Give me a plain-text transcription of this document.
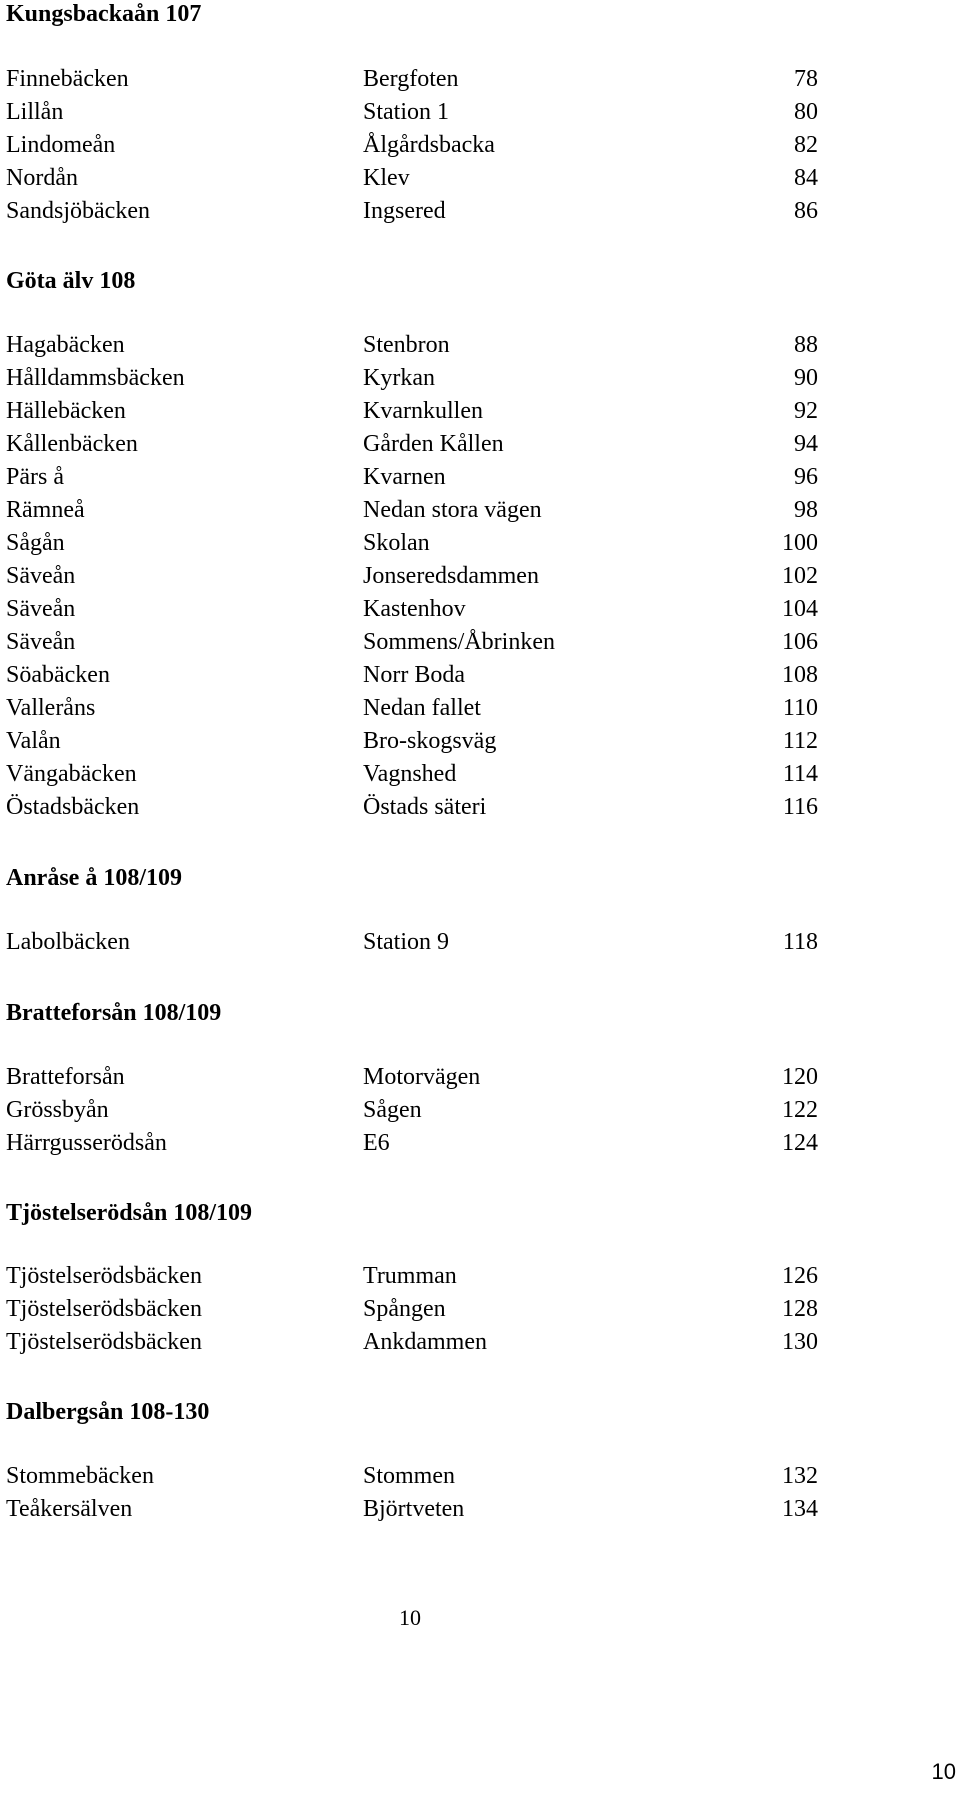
Kungsbackaån 107
Finnebäcken	Bergfoten	78
Lillån	Station 1	80
Lindomeån	Ålgårdsbacka	82
Nordån	Klev	84
Sandsjöbäcken	Ingsered	86
Göta älv 108
Hagabäcken	Stenbron	88
Hålldammsbäcken	Kyrkan	90
Hällebäcken	Kvarnkullen	92
Kållenbäcken	Gården Kållen	94
Pärs å	Kvarnen	96
Rämneå	Nedan stora vägen	98
Sågån	Skolan	100
Säveån	Jonseredsdammen	102
Säveån	Kastenhov	104
Säveån	Sommens/Åbrinken	106
Söabäcken	Norr Boda	108
Valleråns	Nedan fallet	110
Valån	Bro-skogsväg	112
Vängabäcken	Vagnshed	114
Östadsbäcken	Östads säteri	116
Anråse å 108/109
Labolbäcken	Station 9	118
Bratteforsån 108/109
Bratteforsån	Motorvägen	120
Grössbyån	Sågen	122
Härrgusserödsån	E6	124
Tjöstelserödsån 108/109
Tjöstelserödsbäcken	Trumman	126
Tjöstelserödsbäcken	Spången	128
Tjöstelserödsbäcken	Ankdammen	130
Dalbergsån 108-130
Stommebäcken	Stommen	132
Teåkersälven	Björtveten	134
10
10
